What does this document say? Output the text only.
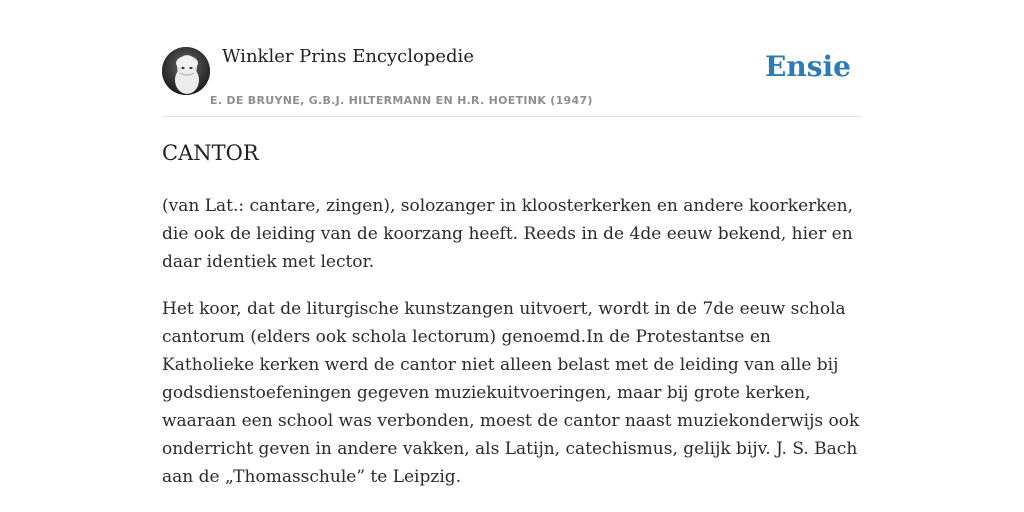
Winkler Prins Encyclopedie
E. DE BRUYNE, G.B.J. HILTERMANN EN H.R. HOETINK (1947)
Ensie
CANTOR

(van Lat.: cantare, zingen), solozanger in kloosterkerken en andere koorkerken, die ook de leiding van de koorzang heeft. Reeds in de 4de eeuw bekend, hier en daar identiek met lector.

Het koor, dat de liturgische kunstzangen uitvoert, wordt in de 7de eeuw schola cantorum (elders ook schola lectorum) genoemd.In de Protestantse en Katholieke kerken werd de cantor niet alleen belast met de leiding van alle bij godsdienstoefeningen gegeven muziekuitvoeringen, maar bij grote kerken, waaraan een school was verbonden, moest de cantor naast muziekonderwijs ook onderricht geven in andere vakken, als Latijn, catechismus, gelijk bijv. J. S. Bach aan de „Thomasschule” te Leipzig.
